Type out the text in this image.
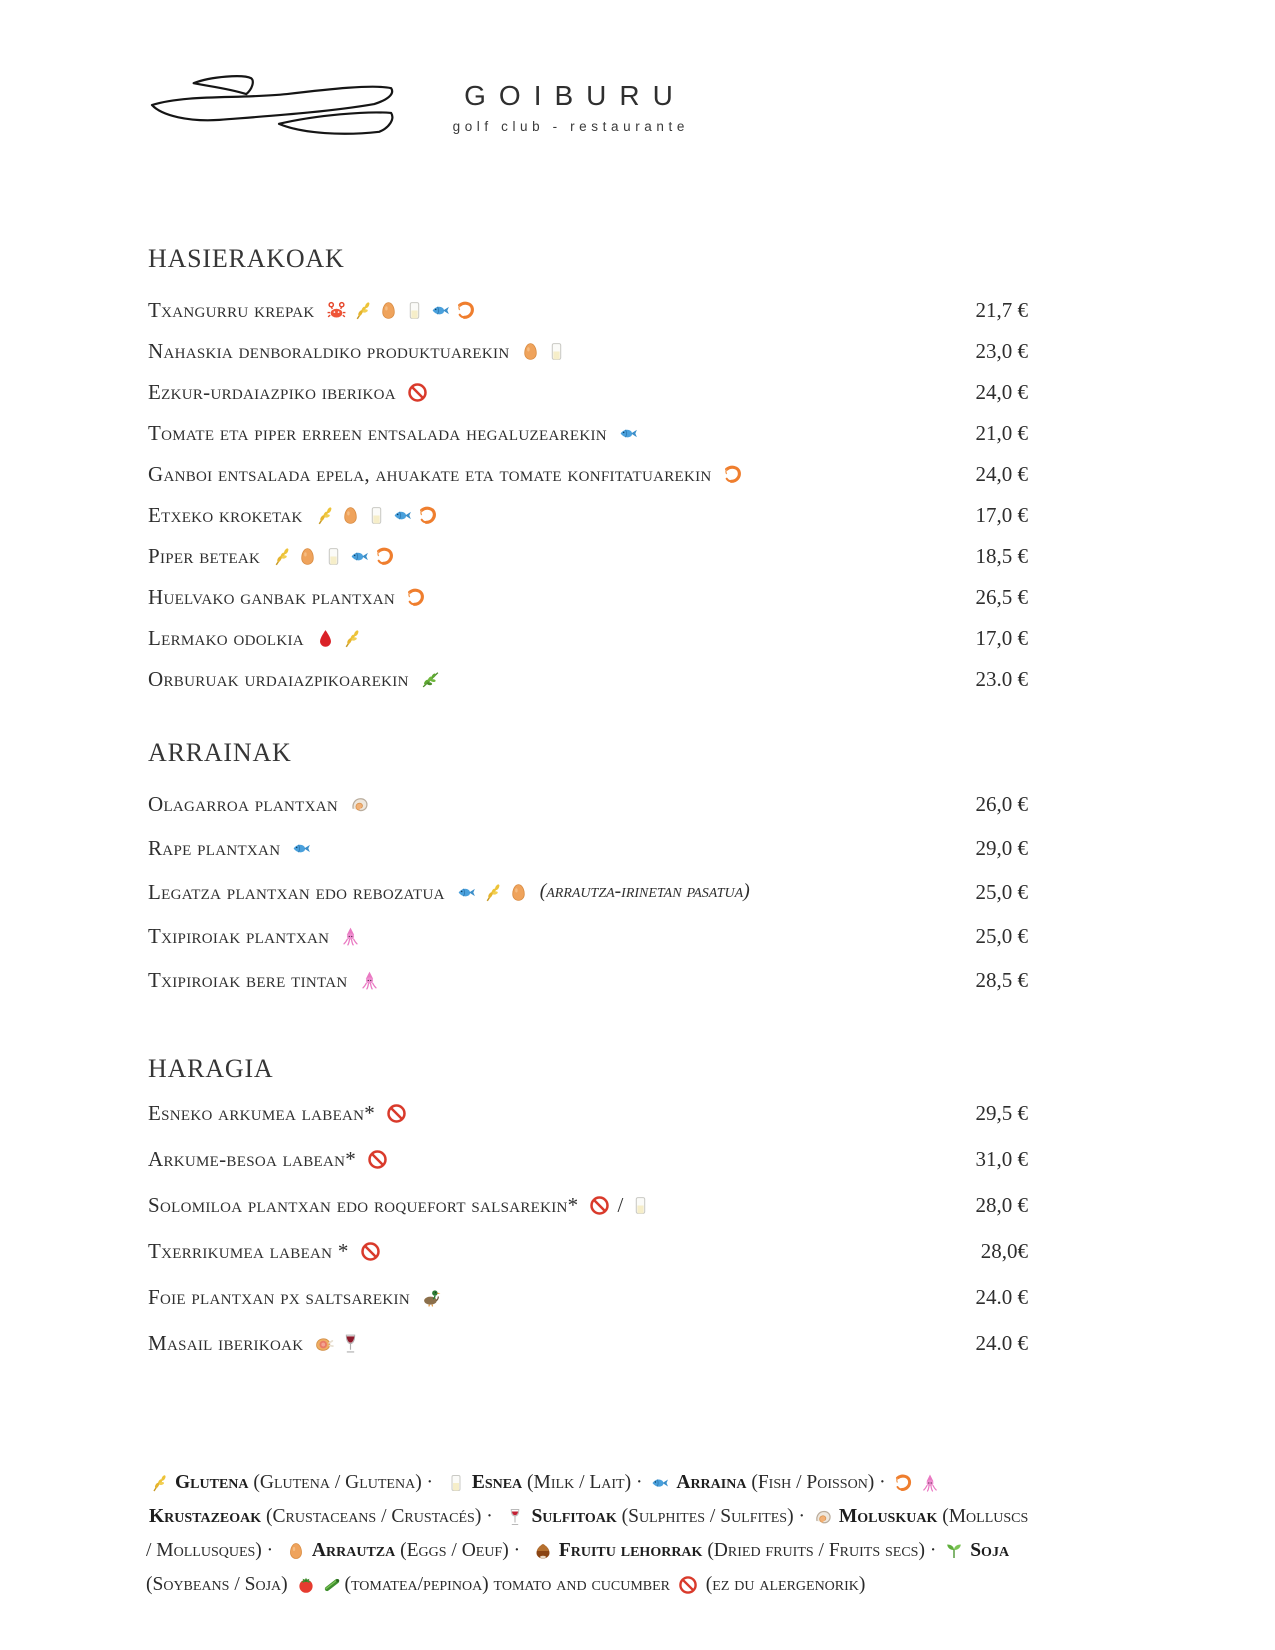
GOIBURU
golf club - restaurante
HASIERAKOAK
Txangurru krepak	21,7 €
Nahaskia denboraldiko produktuarekin	23,0 €
Ezkur-urdaiazpiko iberikoa	24,0 €
Tomate eta piper erreen entsalada hegaluzearekin	21,0 €
Ganboi entsalada epela, ahuakate eta tomate konfitatuarekin	24,0 €
Etxeko kroketak	17,0 €
Piper beteak	18,5 €
Huelvako ganbak plantxan	26,5 €
Lermako odolkia	17,0 €
Orburuak urdaiazpikoarekin	23.0 €
ARRAINAK
Olagarroa plantxan	26,0 €
Rape plantxan	29,0 €
Legatza plantxan edo rebozatua	(arrautza-irinetan pasatua)	25,0 €
Txipiroiak plantxan	25,0 €
Txipiroiak bere tintan	28,5 €
HARAGIA
Esneko arkumea labean*	29,5 €
Arkume-besoa labean*	31,0 €
Solomiloa plantxan edo roquefort salsarekin* /	28,0 €
Txerrikumea labean *	28,0€
Foie plantxan px saltsarekin	24.0 €
Masail iberikoak	24.0 €
Glutena (Glutena / Glutena) · Esnea (Milk / Lait) · Arraina (Fish / Poisson) ·
Krustazeoak (Crustaceans / Crustacés) · Sulfitoak (Sulphites / Sulfites) · Moluskuak (Molluscs
/ Mollusques) · Arrautza (Eggs / Oeuf) · Fruitu lehorrak (Dried fruits / Fruits secs) · Soja
(Soybeans / Soja)	(tomatea/pepinoa) tomato and cucumber (ez du alergenorik)
